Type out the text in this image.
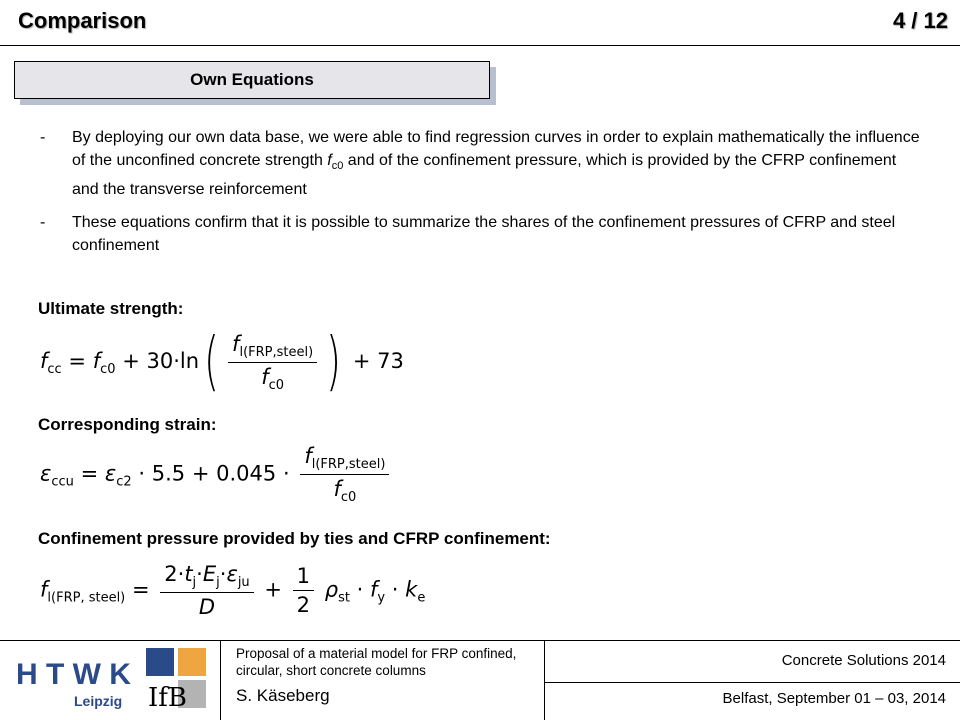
Comparison	4 / 12
Own Equations
- By deploying our own data base, we were able to find regression curves in order to explain mathematically the influence of the unconfined concrete strength $f_{c0}$ and of the confinement pressure, which is provided by the CFRP confinement and the transverse reinforcement
- These equations confirm that it is possible to summarize the shares of the confinement pressures of CFRP and steel confinement
Ultimate strength:
$f_{cc} = f_{c0} + 30\cdot\ln( \frac{f_{l(FRP,steel)}}{f_{c0}}$ ) + 73
Corresponding strain:
$\varepsilon_{ccu} = \varepsilon_{c2} \cdot 5.5 + 0.045 \cdot \frac{f_{l(FRP,steel)}}{f_{c0}}$
Confinement pressure provided by ties and CFRP confinement:
$f_{l(FRP, steel)} = \frac{2\cdot t_j\cdot E_j\cdot\varepsilon_{ju}}{D} + \frac{1}{2} \rho_{st} \cdot f_y \cdot k_e$
H T W K
Leipzig IfB
Proposal of a material model for FRP confined, circular, short concrete columns
S. Käseberg
Concrete Solutions 2014
Belfast, September 01 – 03, 2014
